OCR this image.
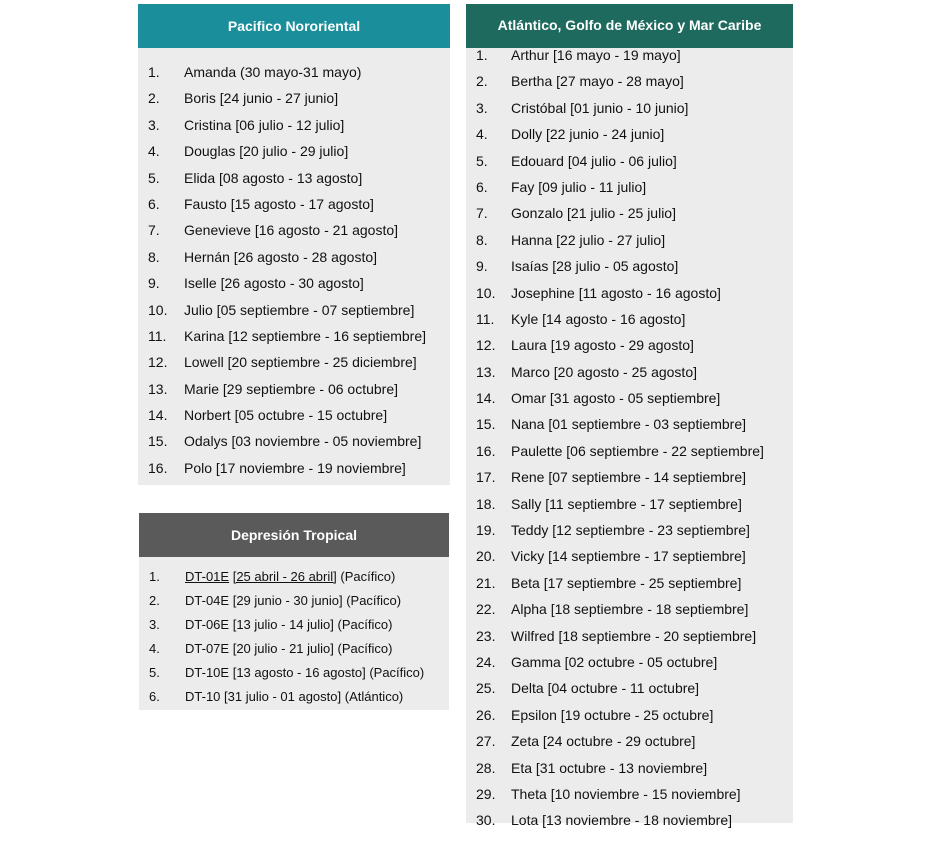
Pacifico Nororiental
1. Amanda (30 mayo-31 mayo)
2. Boris [24 junio - 27 junio]
3. Cristina [06 julio - 12 julio]
4. Douglas [20 julio - 29 julio]
5. Elida [08 agosto - 13 agosto]
6. Fausto [15 agosto - 17 agosto]
7. Genevieve [16 agosto - 21 agosto]
8. Hernán [26 agosto - 28 agosto]
9. Iselle [26 agosto - 30 agosto]
10. Julio [05 septiembre - 07 septiembre]
11. Karina [12 septiembre - 16 septiembre]
12. Lowell [20 septiembre - 25 diciembre]
13. Marie [29 septiembre - 06 octubre]
14. Norbert [05 octubre - 15 octubre]
15. Odalys [03 noviembre - 05 noviembre]
16. Polo [17 noviembre - 19 noviembre]
Depresión Tropical
1. DT-01E [25 abril - 26 abril] (Pacífico)
2. DT-04E [29 junio - 30 junio] (Pacífico)
3. DT-06E [13 julio - 14 julio] (Pacífico)
4. DT-07E [20 julio - 21 julio] (Pacífico)
5. DT-10E [13 agosto - 16 agosto] (Pacífico)
6. DT-10 [31 julio - 01 agosto] (Atlántico)
Atlántico, Golfo de México y Mar Caribe
1. Arthur [16 mayo - 19 mayo]
2. Bertha [27 mayo - 28 mayo]
3. Cristóbal [01 junio - 10 junio]
4. Dolly [22 junio - 24 junio]
5. Edouard [04 julio - 06 julio]
6. Fay [09 julio - 11 julio]
7. Gonzalo [21 julio - 25 julio]
8. Hanna [22 julio - 27 julio]
9. Isaías [28 julio - 05 agosto]
10. Josephine [11 agosto - 16 agosto]
11. Kyle [14 agosto - 16 agosto]
12. Laura [19 agosto - 29 agosto]
13. Marco [20 agosto - 25 agosto]
14. Omar [31 agosto - 05 septiembre]
15. Nana [01 septiembre - 03 septiembre]
16. Paulette [06 septiembre - 22 septiembre]
17. Rene [07 septiembre - 14 septiembre]
18. Sally [11 septiembre - 17 septiembre]
19. Teddy [12 septiembre - 23 septiembre]
20. Vicky [14 septiembre - 17 septiembre]
21. Beta [17 septiembre - 25 septiembre]
22. Alpha [18 septiembre - 18 septiembre]
23. Wilfred [18 septiembre - 20 septiembre]
24. Gamma [02 octubre - 05 octubre]
25. Delta [04 octubre - 11 octubre]
26. Epsilon [19 octubre - 25 octubre]
27. Zeta [24 octubre - 29 octubre]
28. Eta [31 octubre - 13 noviembre]
29. Theta [10 noviembre - 15 noviembre]
30. Lota [13 noviembre - 18 noviembre]
